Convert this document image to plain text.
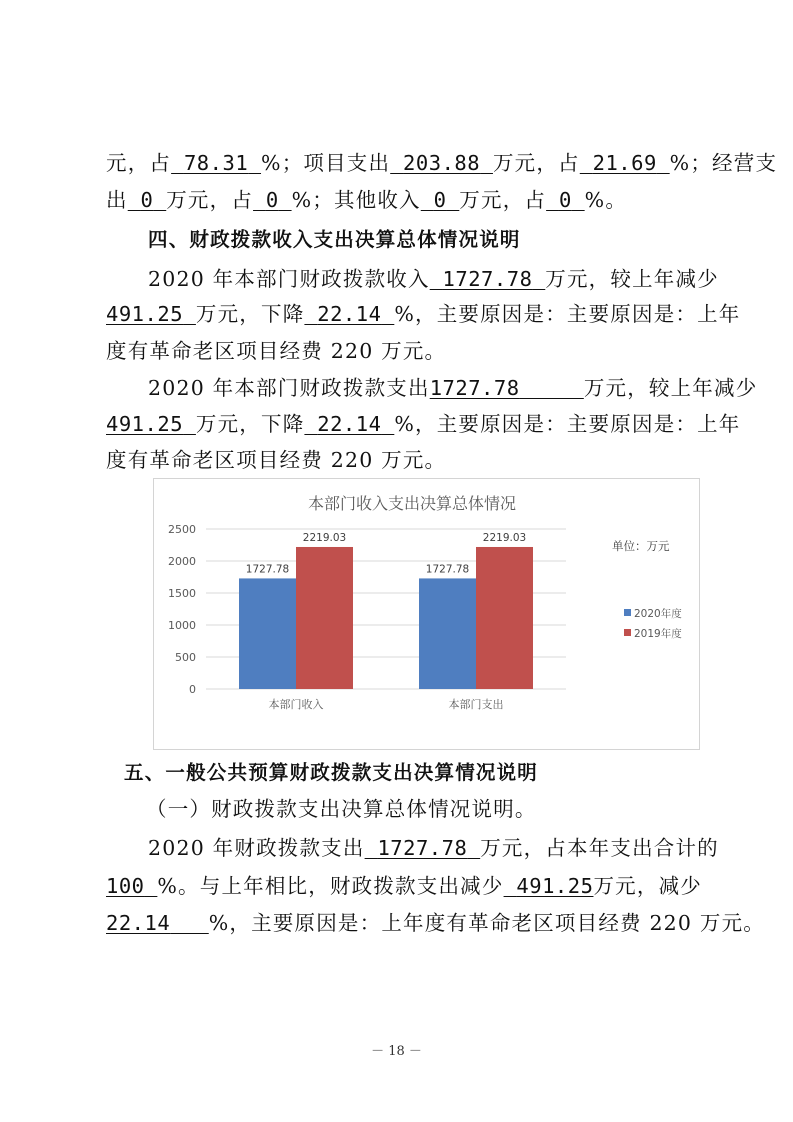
元，占 78.31 %；项目支出 203.88 万元，占 21.69 %；经营支
出 0 万元，占 0 %；其他收入 0 万元，占 0 %。
四、财政拨款收入支出决算总体情况说明
2020 年本部门财政拨款收入 1727.78 万元，较上年减少
491.25 万元，下降 22.14 %，主要原因是：主要原因是：上年
度有革命老区项目经费 220 万元。
2020 年本部门财政拨款支出1727.78	万元，较上年减少
491.25 万元，下降 22.14 %，主要原因是：主要原因是：上年
度有革命老区项目经费 220 万元。
本部门收入支出决算总体情况
单位：万元
0
500
1000
1500
2000
2500
1727.78
2219.03
1727.78
2219.03
本部门收入	本部门支出
2020年度
2019年度
五、一般公共预算财政拨款支出决算情况说明
（一）财政拨款支出决算总体情况说明。
2020 年财政拨款支出 1727.78 万元，占本年支出合计的
100 %。与上年相比，财政拨款支出减少 491.25万元，减少
22.14 %，主要原因是：上年度有革命老区项目经费 220 万元。
－ 18 －
